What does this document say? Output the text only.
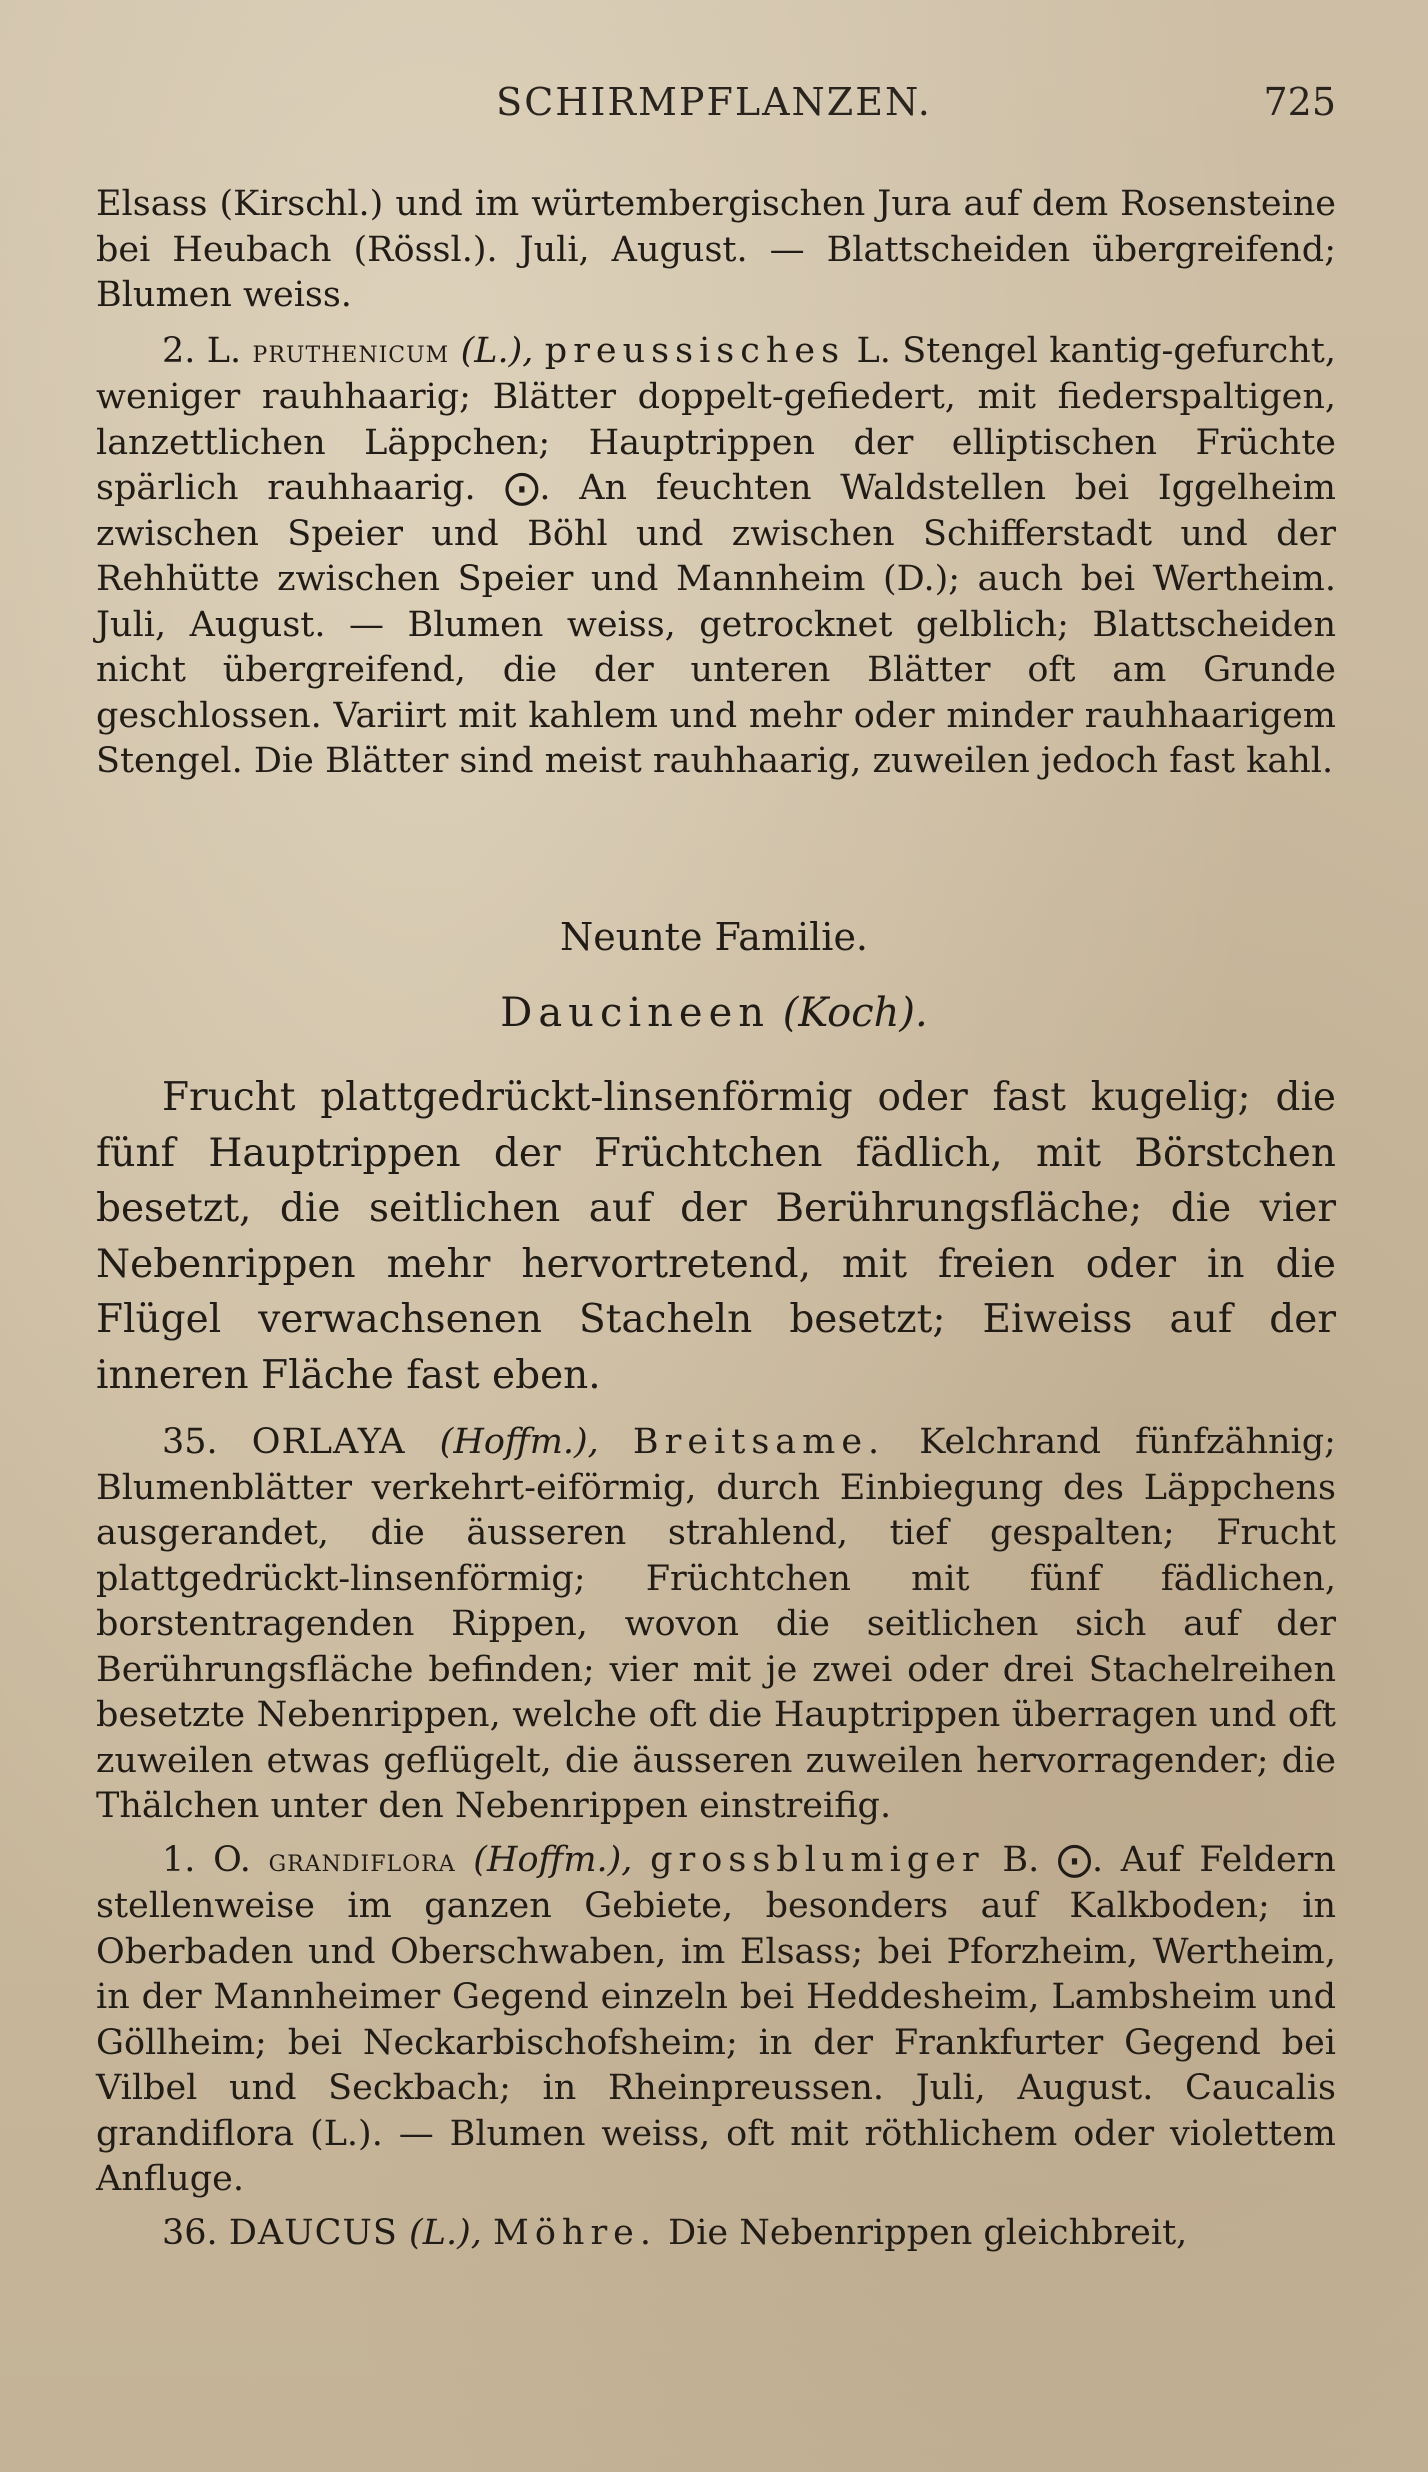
SCHIRMPFLANZEN.	725

Elsass (Kirschl.) und im würtembergischen Jura auf dem Rosensteine bei Heubach (Rössl.). Juli, August. — Blattscheiden übergreifend; Blumen weiss.

2. L. pruthenicum (L.), preussisches L. Stengel kantig-gefurcht, weniger rauhhaarig; Blätter doppelt-gefiedert, mit fiederspaltigen, lanzettlichen Läppchen; Hauptrippen der elliptischen Früchte spärlich rauhhaarig. ⨀. An feuchten Waldstellen bei Iggelheim zwischen Speier und Böhl und zwischen Schifferstadt und der Rehhütte zwischen Speier und Mannheim (D.); auch bei Wertheim. Juli, August. — Blumen weiss, getrocknet gelblich; Blattscheiden nicht übergreifend, die der unteren Blätter oft am Grunde geschlossen. Variirt mit kahlem und mehr oder minder rauhhaarigem Stengel. Die Blätter sind meist rauhhaarig, zuweilen jedoch fast kahl.

Neunte Familie.
Daucineen (Koch).

Frucht plattgedrückt-linsenförmig oder fast kugelig; die fünf Hauptrippen der Früchtchen fädlich, mit Börstchen besetzt, die seitlichen auf der Berührungsfläche; die vier Nebenrippen mehr hervortretend, mit freien oder in die Flügel verwachsenen Stacheln besetzt; Eiweiss auf der inneren Fläche fast eben.

35. ORLAYA (Hoffm.), Breitsame. Kelchrand fünfzähnig; Blumenblätter verkehrt-eiförmig, durch Einbiegung des Läppchens ausgerandet, die äusseren strahlend, tief gespalten; Frucht plattgedrückt-linsenförmig; Früchtchen mit fünf fädlichen, borstentragenden Rippen, wovon die seitlichen sich auf der Berührungsfläche befinden; vier mit je zwei oder drei Stachelreihen besetzte Nebenrippen, welche oft die Hauptrippen überragen und oft zuweilen etwas geflügelt, die äusseren zuweilen hervorragender; die Thälchen unter den Nebenrippen einstreifig.

1. O. grandiflora (Hoffm.), grossblumiger B. ⨀. Auf Feldern stellenweise im ganzen Gebiete, besonders auf Kalkboden; in Oberbaden und Oberschwaben, im Elsass; bei Pforzheim, Wertheim, in der Mannheimer Gegend einzeln bei Heddesheim, Lambsheim und Göllheim; bei Neckarbischofsheim; in der Frankfurter Gegend bei Vilbel und Seckbach; in Rheinpreussen. Juli, August. Caucalis grandiflora (L.). — Blumen weiss, oft mit röthlichem oder violettem Anfluge.

36. DAUCUS (L.), Möhre. Die Nebenrippen gleichbreit,
